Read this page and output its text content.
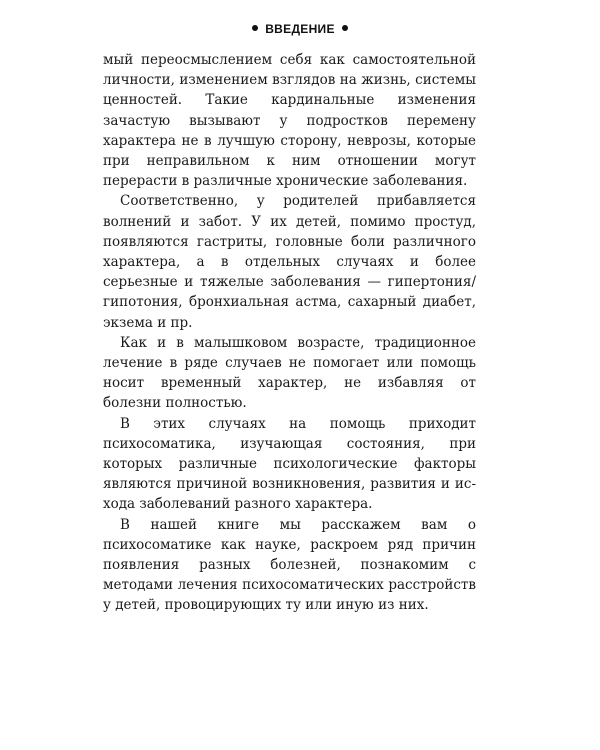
ВВЕДЕНИЕ

мый переосмыслением себя как самостоятельной личности, изменением взглядов на жизнь, системы ценностей. Такие кардинальные изменения зачастую вызывают у подростков перемену характера не в лучшую сторону, неврозы, которые при неправильном к ним отношении могут перерасти в различные хронические заболевания.

Соответственно, у родителей прибавляется волнений и забот. У их детей, помимо простуд, появляются гастриты, головные боли различного характера, а в отдельных случаях и более серьезные и тяжелые заболевания — гипертония/гипотония, бронхиальная астма, сахарный диабет, экзема и пр.

Как и в малышковом возрасте, традиционное лечение в ряде случаев не помогает или помощь носит временный характер, не избавляя от болезни полностью.

В этих случаях на помощь приходит психосоматика, изучающая состояния, при которых различные психологические факторы являются причиной возникновения, развития и исхода заболеваний разного характера.

В нашей книге мы расскажем вам о психосоматике как науке, раскроем ряд причин появления разных болезней, познакомим с методами лечения психосоматических расстройств у детей, провоцирующих ту или иную из них.
